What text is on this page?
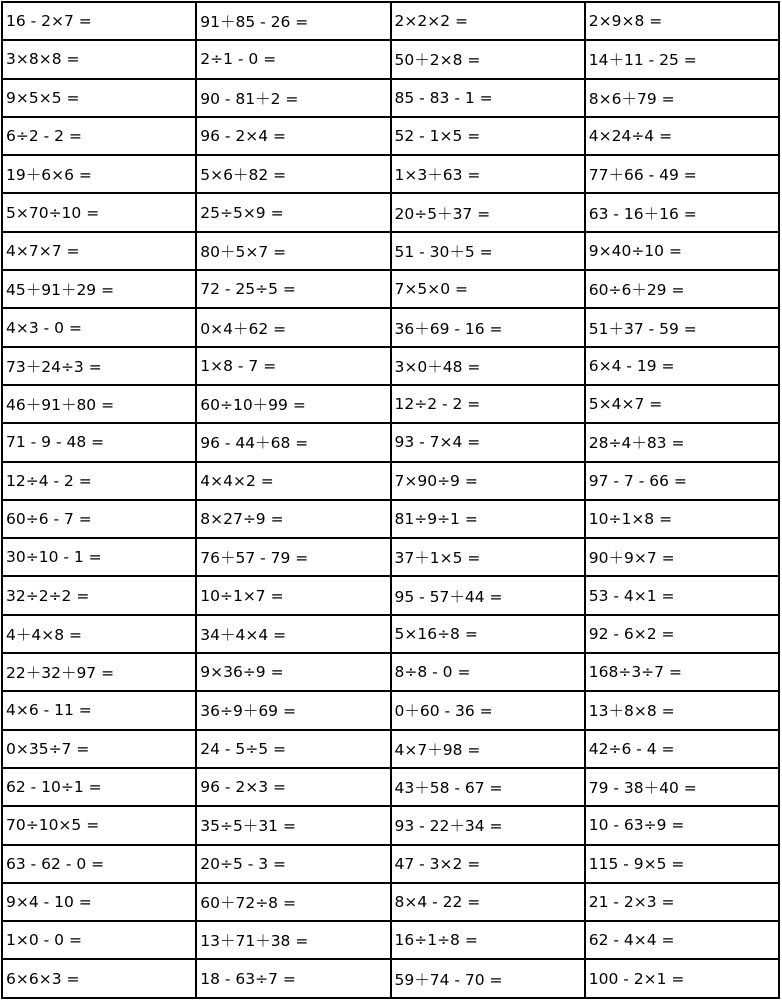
16 - 2×7 =	91＋85 - 26 =	2×2×2 =	2×9×8 =
3×8×8 =	2÷1 - 0 =	50＋2×8 =	14＋11 - 25 =
9×5×5 =	90 - 81＋2 =	85 - 83 - 1 =	8×6＋79 =
6÷2 - 2 =	96 - 2×4 =	52 - 1×5 =	4×24÷4 =
19＋6×6 =	5×6＋82 =	1×3＋63 =	77＋66 - 49 =
5×70÷10 =	25÷5×9 =	20÷5＋37 =	63 - 16＋16 =
4×7×7 =	80＋5×7 =	51 - 30＋5 =	9×40÷10 =
45＋91＋29 =	72 - 25÷5 =	7×5×0 =	60÷6＋29 =
4×3 - 0 =	0×4＋62 =	36＋69 - 16 =	51＋37 - 59 =
73＋24÷3 =	1×8 - 7 =	3×0＋48 =	6×4 - 19 =
46＋91＋80 =	60÷10＋99 =	12÷2 - 2 =	5×4×7 =
71 - 9 - 48 =	96 - 44＋68 =	93 - 7×4 =	28÷4＋83 =
12÷4 - 2 =	4×4×2 =	7×90÷9 =	97 - 7 - 66 =
60÷6 - 7 =	8×27÷9 =	81÷9÷1 =	10÷1×8 =
30÷10 - 1 =	76＋57 - 79 =	37＋1×5 =	90＋9×7 =
32÷2÷2 =	10÷1×7 =	95 - 57＋44 =	53 - 4×1 =
4＋4×8 =	34＋4×4 =	5×16÷8 =	92 - 6×2 =
22＋32＋97 =	9×36÷9 =	8÷8 - 0 =	168÷3÷7 =
4×6 - 11 =	36÷9＋69 =	0＋60 - 36 =	13＋8×8 =
0×35÷7 =	24 - 5÷5 =	4×7＋98 =	42÷6 - 4 =
62 - 10÷1 =	96 - 2×3 =	43＋58 - 67 =	79 - 38＋40 =
70÷10×5 =	35÷5＋31 =	93 - 22＋34 =	10 - 63÷9 =
63 - 62 - 0 =	20÷5 - 3 =	47 - 3×2 =	115 - 9×5 =
9×4 - 10 =	60＋72÷8 =	8×4 - 22 =	21 - 2×3 =
1×0 - 0 =	13＋71＋38 =	16÷1÷8 =	62 - 4×4 =
6×6×3 =	18 - 63÷7 =	59＋74 - 70 =	100 - 2×1 =
